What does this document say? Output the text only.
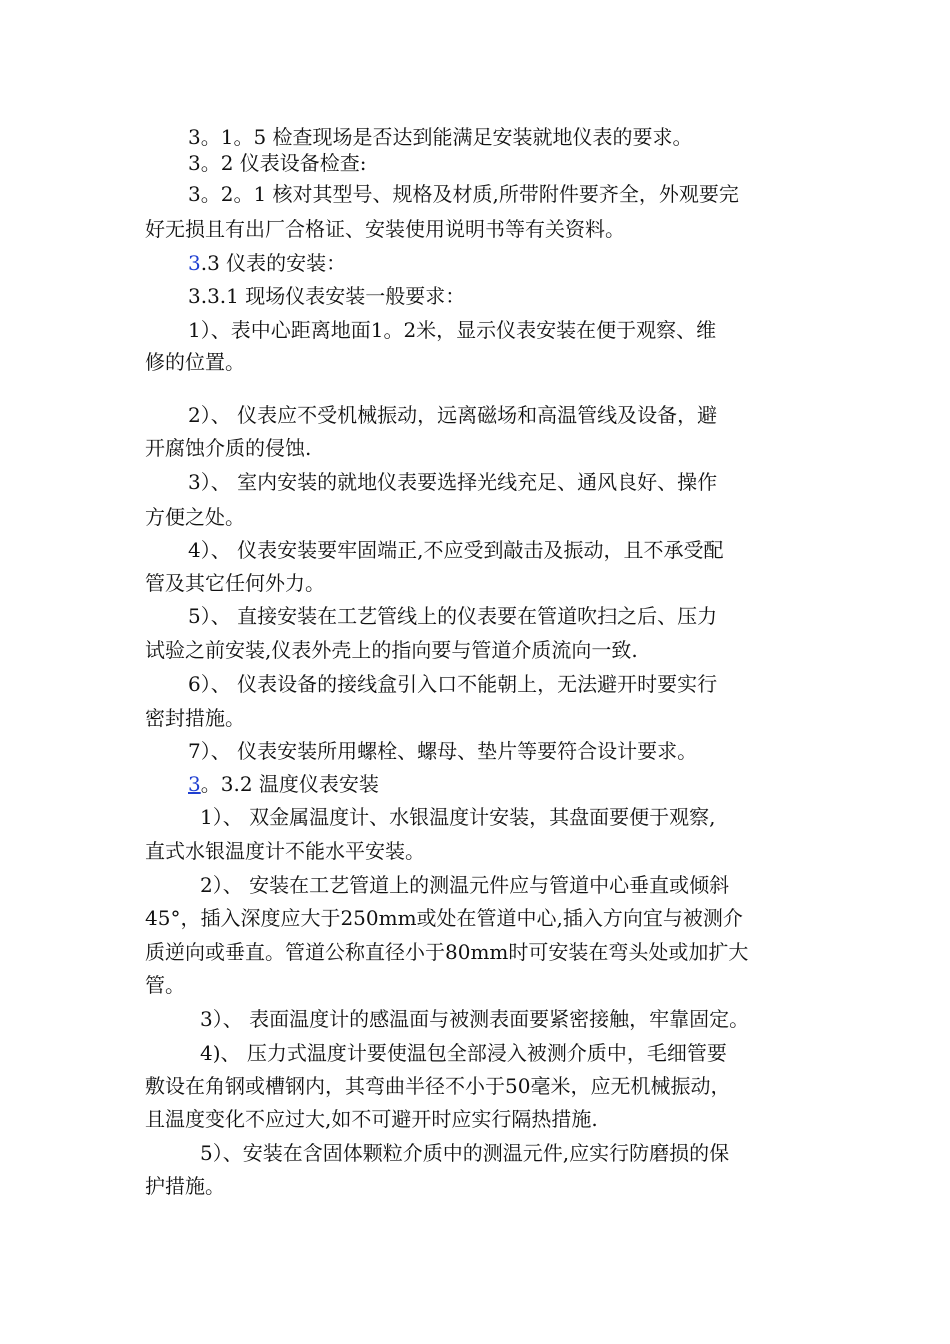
3。1。5 检查现场是否达到能满足安装就地仪表的要求。
3。2 仪表设备检查:
3。2。1 核对其型号、规格及材质,所带附件要齐全，外观要完
好无损且有出厂合格证、安装使用说明书等有关资料。
3.3 仪表的安装：
3.3.1 现场仪表安装一般要求：
1）、表中心距离地面1。2米，显示仪表安装在便于观察、维
修的位置。
2）、 仪表应不受机械振动，远离磁场和高温管线及设备，避
开腐蚀介质的侵蚀.
3）、 室内安装的就地仪表要选择光线充足、通风良好、操作
方便之处。
4）、 仪表安装要牢固端正,不应受到敲击及振动，且不承受配
管及其它任何外力。
5）、 直接安装在工艺管线上的仪表要在管道吹扫之后、压力
试验之前安装,仪表外壳上的指向要与管道介质流向一致.
6）、 仪表设备的接线盒引入口不能朝上，无法避开时要实行
密封措施。
7）、 仪表安装所用螺栓、螺母、垫片等要符合设计要求。
3。3.2 温度仪表安装
1）、 双金属温度计、水银温度计安装，其盘面要便于观察,
直式水银温度计不能水平安装。
2）、 安装在工艺管道上的测温元件应与管道中心垂直或倾斜
45°，插入深度应大于250mm或处在管道中心,插入方向宜与被测介
质逆向或垂直。管道公称直径小于80mm时可安装在弯头处或加扩大
管。
3）、 表面温度计的感温面与被测表面要紧密接触，牢靠固定。
4)、 压力式温度计要使温包全部浸入被测介质中，毛细管要
敷设在角钢或槽钢内，其弯曲半径不小于50毫米，应无机械振动，
且温度变化不应过大,如不可避开时应实行隔热措施.
5）、安装在含固体颗粒介质中的测温元件,应实行防磨损的保
护措施。
